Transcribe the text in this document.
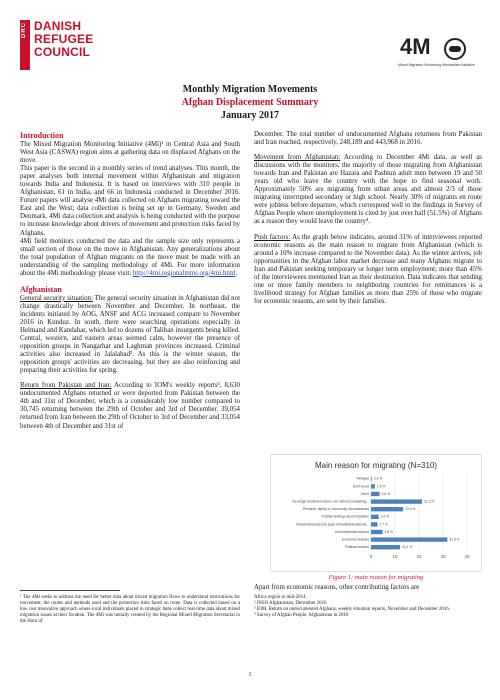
DRC DANISH
REFUGEE
COUNCIL	4M
Mixed Migration Monitoring Mechanism Initiative
Monthly Migration Movements
Afghan Displacement Summary
January 2017
Introduction

The Mixed Migration Monitoring Initiative (4Mi)¹ in Central Asia and South West Asia (CASWA) region aims at gathering data on displaced Afghans on the move.

This paper is the second in a monthly series of trend analyses. This month, the paper analyses both internal movement within Afghanistan and migration towards India and Indonesia. It is based on interviews with 310 people in Afghanistan, 61 in India, and 66 in Indonesia conducted in December 2016. Future papers will analyse 4Mi data collected on Afghans migrating toward the East and the West; data collection is being set up in Germany, Sweden and Denmark. 4Mi data collection and analysis is being conducted with the purpose to increase knowledge about drivers of movement and protection risks faced by Afghans.

4Mi field monitors conducted the data and the sample size only represents a small section of those on the move in Afghanistan. Any generalizations about the total population of Afghan migrants on the move must be made with an understanding of the sampling methodology of 4Mi. For more information about the 4Mi methodology please visit: http://4mi.regionalmms.org/4mi.html.

Afghanistan

General security situation: The general security situation in Afghanistan did not change drastically between November and December. In northeast, the incidents initiated by AOG, ANSF and ACG increased compare to November 2016 in Kunduz. In south, there were searching operations especially in Helmand and Kandahar, which led to dozens of Taliban insurgents being killed. Central, western, and eastern areas seemed calm, however the presence of opposition groups in Nangarhar and Laghman provinces increased. Criminal activities also increased in Jalalabad². As this is the winter season, the opposition groups' activities are decreasing, but they are also reinforcing and preparing their activities for spring.

Return from Pakistan and Iran: According to IOM's weekly reports³, 8,630 undocumented Afghans returned or were deported from Pakistan between the 4th and 31st of December, which is a considerably low number compared to 30,745 returning between the 29th of October and 3rd of December. 39,054 returned from Iran between the 29th of October to 3rd of December and 33,054 between 4th of December and 31st of

December. The total number of undocumented Afghans returnees from Pakistan and Iran reached, respectively, 248,189 and 443,968 in 2016.

Movement from Afghanistan: According to December 4Mi data, as well as discussions with the monitors, the majority of those migrating from Afghanistan towards Iran and Pakistan are Hazara and Pashtun adult men between 19 and 50 years old who leave the country with the hope to find seasonal work. Approximately 50% are migrating from urban areas and almost 2/3 of those migrating interrupted secondary or high school. Nearly 30% of migrants en route were jobless before departure, which correspond well to the findings in Survey of Afghan People where unemployment is cited by just over half (51.5%) of Afghans as a reason they would leave the country⁴.

Push factors: As the graph below indicates, around 31% of interviewees reported economic reasons as the main reason to migrate from Afghanistan (which is around a 10% increase compared to the November data). As the winter arrives, job opportunities in the Afghan labor market decrease and many Afghans migrate to Iran and Pakistan seeking temporary or longer term employment; more than 45% of the interviewees mentioned Iran as their destination. Data indicates that sending one or more family members to neighboring countries for remittances is a livelihood strategy for Afghan families as more than 25% of those who migrate for economic reasons, are sent by their families.

Main reason for migrating (N=310)
0	10	20	30	40
Refugee 0.3 %
Don't know 1.6 %
Other	3.6 %
No single dominant reason, but various compelling...	21.3 %
Personal, family or community circumstances	13.4 %
Positive feelings about migration	3.2 %
Infrastructure/access (lack of health/educational...	2.7 %
Environmental reasons	4.8 %
Economic reasons	31.8 %
Political reasons	12.1 %
Figure 1: main reason for migrating

Apart from economic reasons, other contributing factors are

¹ The 4Mi seeks to address the need for better data about mixed migration flows to understand motivations for movement, the routes and methods used and the protection risks faced on route. Data is collected based on a low cost innovative approach where local individuals placed in strategic hubs collect real-time data about mixed migration issues at their location. The 4Mi was initially created by the Regional Mixed Migration Secretariat in the Horn of

Africa region in mid-2014.

² INSO Afghanistan, December 2016

³ IOM, Return on undocumented Afghans, weekly situation reports, November and December 2016.

⁴ Survey of Afghan People, Afghanistan in 2016

1
